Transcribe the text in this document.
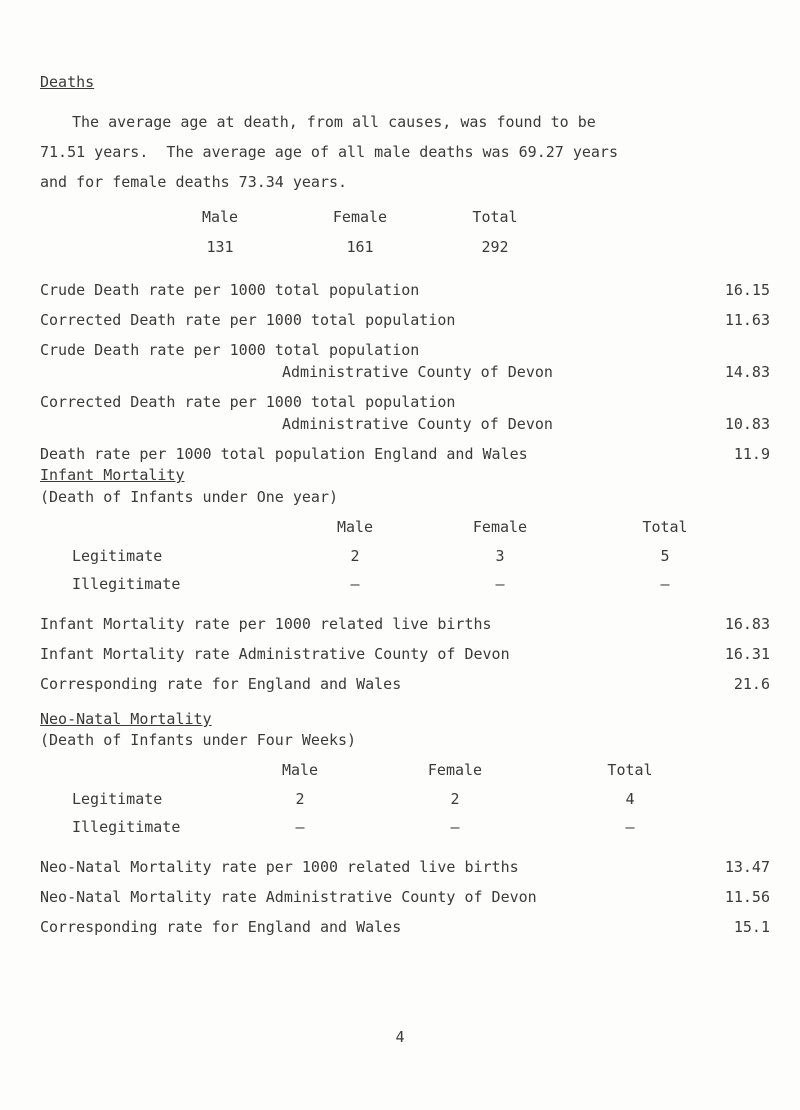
Deaths
The average age at death, from all causes, was found to be
71.51 years.  The average age of all male deaths was 69.27 years
and for female deaths 73.34 years.
Male	Female	Total
131	161	292
Crude Death rate per 1000 total population	16.15
Corrected Death rate per 1000 total population	11.63
Crude Death rate per 1000 total population
Administrative County of Devon	14.83
Corrected Death rate per 1000 total population
Administrative County of Devon	10.83
Death rate per 1000 total population England and Wales	11.9
Infant Mortality
(Death of Infants under One year)
Male	Female	Total
Legitimate	2	3	5
Illegitimate	–	–	–
Infant Mortality rate per 1000 related live births	16.83
Infant Mortality rate Administrative County of Devon	16.31
Corresponding rate for England and Wales	21.6
Neo-Natal Mortality
(Death of Infants under Four Weeks)
Male	Female	Total
Legitimate	2	2	4
Illegitimate	–	–	–
Neo-Natal Mortality rate per 1000 related live births	13.47
Neo-Natal Mortality rate Administrative County of Devon	11.56
Corresponding rate for England and Wales	15.1
4
